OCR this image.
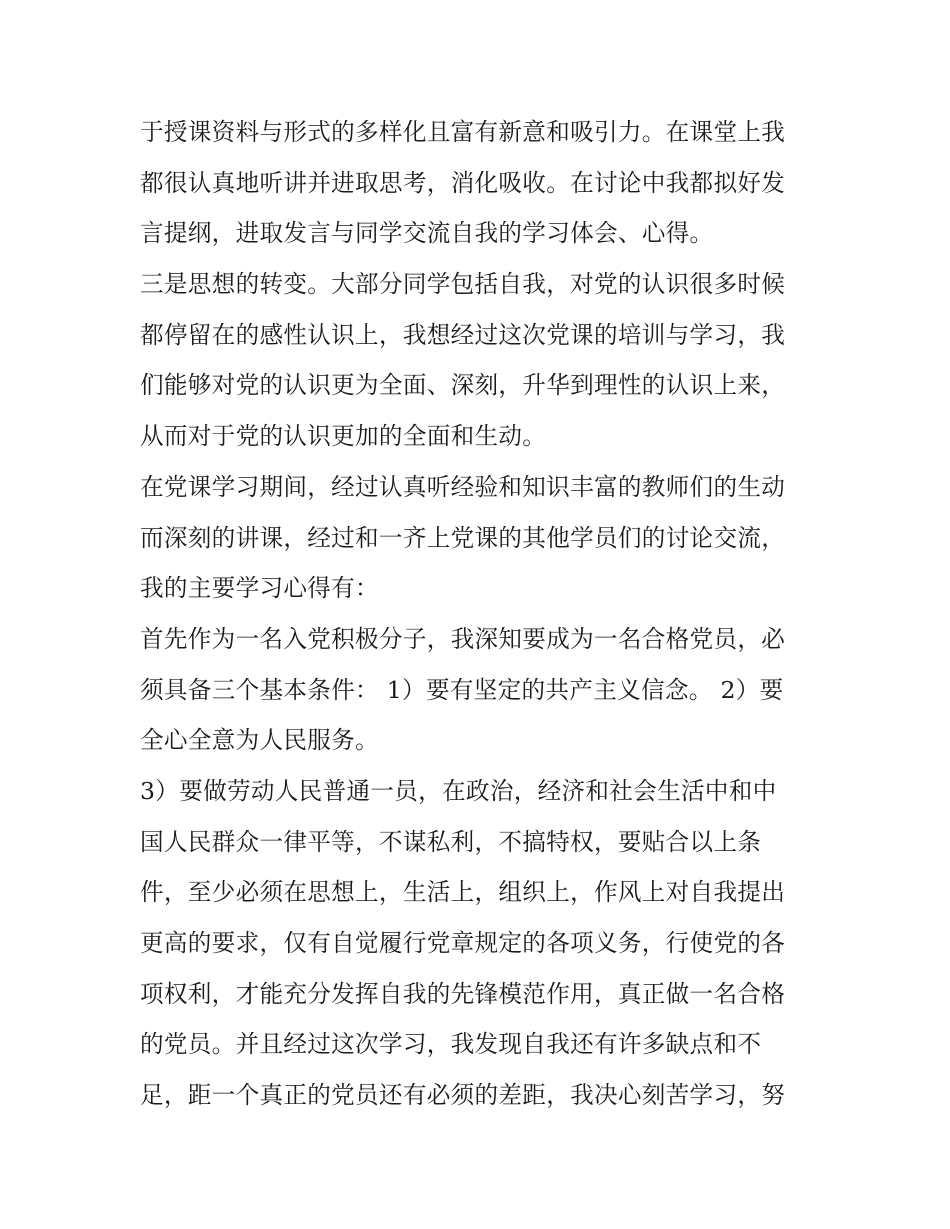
于授课资料与形式的多样化且富有新意和吸引力。在课堂上我
都很认真地听讲并进取思考，消化吸收。在讨论中我都拟好发
言提纲，进取发言与同学交流自我的学习体会、心得。
三是思想的转变。大部分同学包括自我，对党的认识很多时候
都停留在的感性认识上，我想经过这次党课的培训与学习，我
们能够对党的认识更为全面、深刻，升华到理性的认识上来，
从而对于党的认识更加的全面和生动。
在党课学习期间，经过认真听经验和知识丰富的教师们的生动
而深刻的讲课，经过和一齐上党课的其他学员们的讨论交流，
我的主要学习心得有：
首先作为一名入党积极分子，我深知要成为一名合格党员，必
须具备三个基本条件： 1）要有坚定的共产主义信念。 2）要
全心全意为人民服务。
3）要做劳动人民普通一员，在政治，经济和社会生活中和中
国人民群众一律平等，不谋私利，不搞特权，要贴合以上条
件，至少必须在思想上，生活上，组织上，作风上对自我提出
更高的要求，仅有自觉履行党章规定的各项义务，行使党的各
项权利，才能充分发挥自我的先锋模范作用，真正做一名合格
的党员。并且经过这次学习，我发现自我还有许多缺点和不
足，距一个真正的党员还有必须的差距，我决心刻苦学习，努
